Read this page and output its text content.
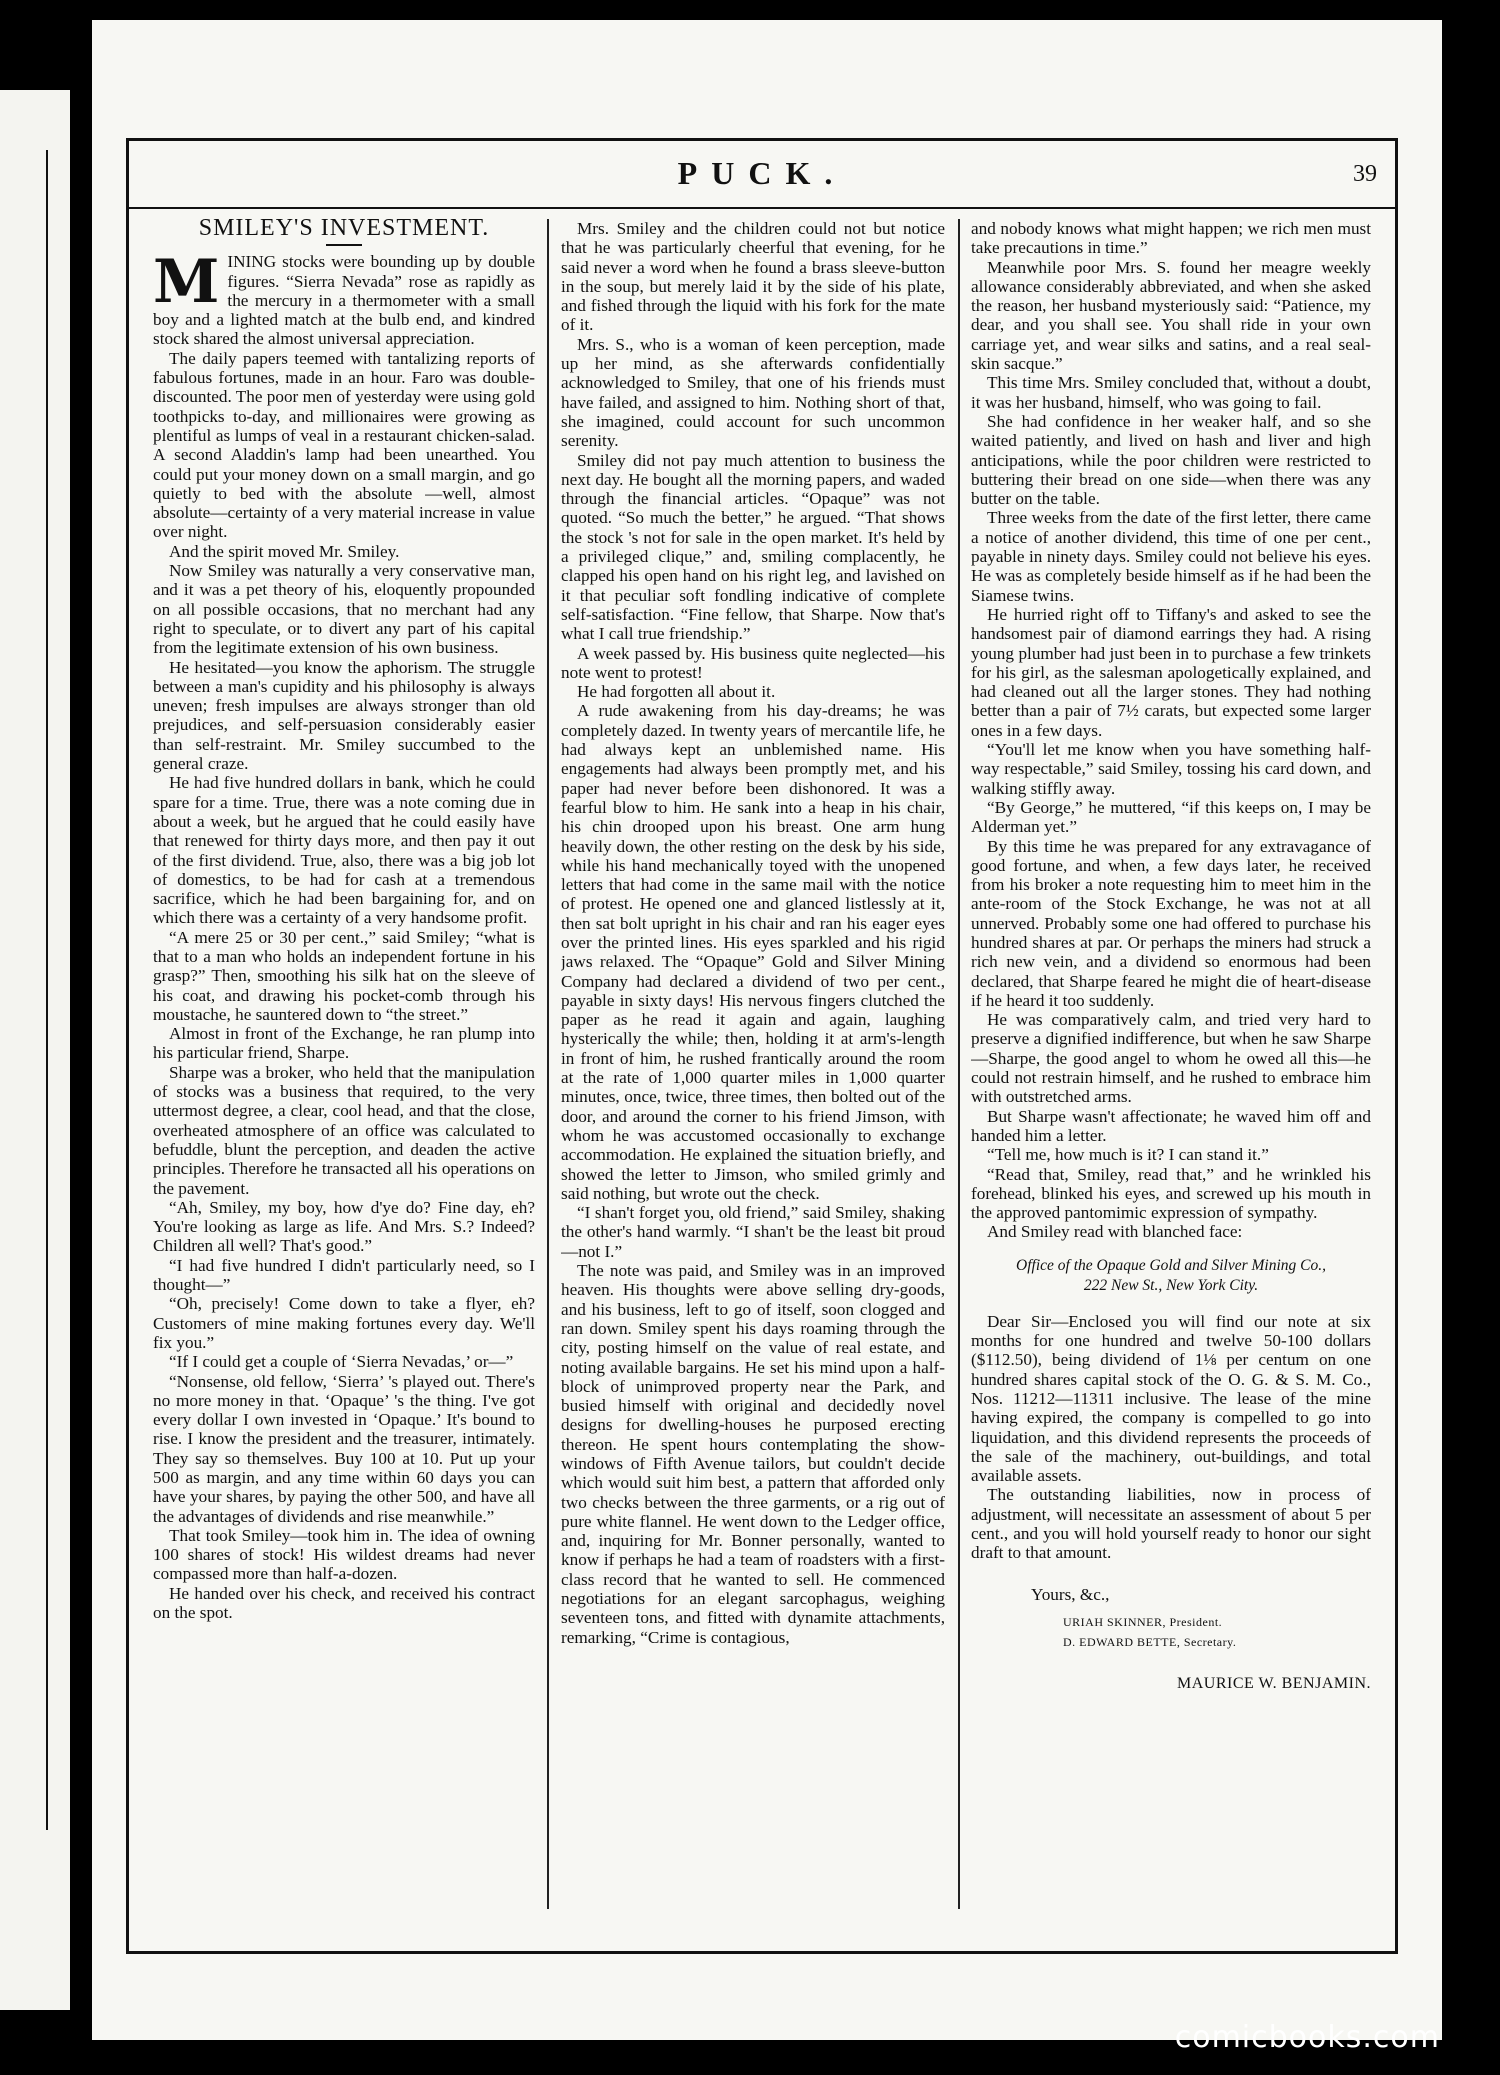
PUCK.	39
SMILEY'S INVESTMENT.

MINING stocks were bounding up by double figures. “Sierra Nevada” rose as rapidly as the mercury in a thermometer with a small boy and a lighted match at the bulb end, and kindred stock shared the almost universal appreciation.

The daily papers teemed with tantalizing reports of fabulous fortunes, made in an hour. Faro was double-discounted. The poor men of yesterday were using gold toothpicks to-day, and millionaires were growing as plentiful as lumps of veal in a restaurant chicken-salad. A second Aladdin's lamp had been unearthed. You could put your money down on a small margin, and go quietly to bed with the absolute —well, almost absolute—certainty of a very material increase in value over night.

And the spirit moved Mr. Smiley.

Now Smiley was naturally a very conservative man, and it was a pet theory of his, eloquently propounded on all possible occasions, that no merchant had any right to speculate, or to divert any part of his capital from the legitimate extension of his own business.

He hesitated—you know the aphorism. The struggle between a man's cupidity and his philosophy is always uneven; fresh impulses are always stronger than old prejudices, and self-persuasion considerably easier than self-restraint. Mr. Smiley succumbed to the general craze.

He had five hundred dollars in bank, which he could spare for a time. True, there was a note coming due in about a week, but he argued that he could easily have that renewed for thirty days more, and then pay it out of the first dividend. True, also, there was a big job lot of domestics, to be had for cash at a tremendous sacrifice, which he had been bargaining for, and on which there was a certainty of a very handsome profit.

“A mere 25 or 30 per cent.,” said Smiley; “what is that to a man who holds an independent fortune in his grasp?” Then, smoothing his silk hat on the sleeve of his coat, and drawing his pocket-comb through his moustache, he sauntered down to “the street.”

Almost in front of the Exchange, he ran plump into his particular friend, Sharpe.

Sharpe was a broker, who held that the manipulation of stocks was a business that required, to the very uttermost degree, a clear, cool head, and that the close, overheated atmosphere of an office was calculated to befuddle, blunt the perception, and deaden the active principles. Therefore he transacted all his operations on the pavement.

“Ah, Smiley, my boy, how d'ye do? Fine day, eh? You're looking as large as life. And Mrs. S.? Indeed? Children all well? That's good.”

“I had five hundred I didn't particularly need, so I thought—”

“Oh, precisely! Come down to take a flyer, eh? Customers of mine making fortunes every day. We'll fix you.”

“If I could get a couple of ‘Sierra Nevadas,’ or—”

“Nonsense, old fellow, ‘Sierra’ 's played out. There's no more money in that. ‘Opaque’ 's the thing. I've got every dollar I own invested in ‘Opaque.’ It's bound to rise. I know the president and the treasurer, intimately. They say so themselves. Buy 100 at 10. Put up your 500 as margin, and any time within 60 days you can have your shares, by paying the other 500, and have all the advantages of dividends and rise meanwhile.”

That took Smiley—took him in. The idea of owning 100 shares of stock! His wildest dreams had never compassed more than half-a-dozen.

He handed over his check, and received his contract on the spot.

Mrs. Smiley and the children could not but notice that he was particularly cheerful that evening, for he said never a word when he found a brass sleeve-button in the soup, but merely laid it by the side of his plate, and fished through the liquid with his fork for the mate of it.

Mrs. S., who is a woman of keen perception, made up her mind, as she afterwards confidentially acknowledged to Smiley, that one of his friends must have failed, and assigned to him. Nothing short of that, she imagined, could account for such uncommon serenity.

Smiley did not pay much attention to business the next day. He bought all the morning papers, and waded through the financial articles. “Opaque” was not quoted. “So much the better,” he argued. “That shows the stock 's not for sale in the open market. It's held by a privileged clique,” and, smiling complacently, he clapped his open hand on his right leg, and lavished on it that peculiar soft fondling indicative of complete self-satisfaction. “Fine fellow, that Sharpe. Now that's what I call true friendship.”

A week passed by. His business quite neglected—his note went to protest!

He had forgotten all about it.

A rude awakening from his day-dreams; he was completely dazed. In twenty years of mercantile life, he had always kept an unblemished name. His engagements had always been promptly met, and his paper had never before been dishonored. It was a fearful blow to him. He sank into a heap in his chair, his chin drooped upon his breast. One arm hung heavily down, the other resting on the desk by his side, while his hand mechanically toyed with the unopened letters that had come in the same mail with the notice of protest. He opened one and glanced listlessly at it, then sat bolt upright in his chair and ran his eager eyes over the printed lines. His eyes sparkled and his rigid jaws relaxed. The “Opaque” Gold and Silver Mining Company had declared a dividend of two per cent., payable in sixty days! His nervous fingers clutched the paper as he read it again and again, laughing hysterically the while; then, holding it at arm's-length in front of him, he rushed frantically around the room at the rate of 1,000 quarter miles in 1,000 quarter minutes, once, twice, three times, then bolted out of the door, and around the corner to his friend Jimson, with whom he was accustomed occasionally to exchange accommodation. He explained the situation briefly, and showed the letter to Jimson, who smiled grimly and said nothing, but wrote out the check.

“I shan't forget you, old friend,” said Smiley, shaking the other's hand warmly. “I shan't be the least bit proud—not I.”

The note was paid, and Smiley was in an improved heaven. His thoughts were above selling dry-goods, and his business, left to go of itself, soon clogged and ran down. Smiley spent his days roaming through the city, posting himself on the value of real estate, and noting available bargains. He set his mind upon a half-block of unimproved property near the Park, and busied himself with original and decidedly novel designs for dwelling-houses he purposed erecting thereon. He spent hours contemplating the show-windows of Fifth Avenue tailors, but couldn't decide which would suit him best, a pattern that afforded only two checks between the three garments, or a rig out of pure white flannel. He went down to the Ledger office, and, inquiring for Mr. Bonner personally, wanted to know if perhaps he had a team of roadsters with a first-class record that he wanted to sell. He commenced negotiations for an elegant sarcophagus, weighing seventeen tons, and fitted with dynamite attachments, remarking, “Crime is contagious,

and nobody knows what might happen; we rich men must take precautions in time.”

Meanwhile poor Mrs. S. found her meagre weekly allowance considerably abbreviated, and when she asked the reason, her husband mysteriously said: “Patience, my dear, and you shall see. You shall ride in your own carriage yet, and wear silks and satins, and a real seal-skin sacque.”

This time Mrs. Smiley concluded that, without a doubt, it was her husband, himself, who was going to fail.

She had confidence in her weaker half, and so she waited patiently, and lived on hash and liver and high anticipations, while the poor children were restricted to buttering their bread on one side—when there was any butter on the table.

Three weeks from the date of the first letter, there came a notice of another dividend, this time of one per cent., payable in ninety days. Smiley could not believe his eyes. He was as completely beside himself as if he had been the Siamese twins.

He hurried right off to Tiffany's and asked to see the handsomest pair of diamond earrings they had. A rising young plumber had just been in to purchase a few trinkets for his girl, as the salesman apologetically explained, and had cleaned out all the larger stones. They had nothing better than a pair of 7½ carats, but expected some larger ones in a few days.

“You'll let me know when you have something half-way respectable,” said Smiley, tossing his card down, and walking stiffly away.

“By George,” he muttered, “if this keeps on, I may be Alderman yet.”

By this time he was prepared for any extravagance of good fortune, and when, a few days later, he received from his broker a note requesting him to meet him in the ante-room of the Stock Exchange, he was not at all unnerved. Probably some one had offered to purchase his hundred shares at par. Or perhaps the miners had struck a rich new vein, and a dividend so enormous had been declared, that Sharpe feared he might die of heart-disease if he heard it too suddenly.

He was comparatively calm, and tried very hard to preserve a dignified indifference, but when he saw Sharpe—Sharpe, the good angel to whom he owed all this—he could not restrain himself, and he rushed to embrace him with outstretched arms.

But Sharpe wasn't affectionate; he waved him off and handed him a letter.

“Tell me, how much is it? I can stand it.”

“Read that, Smiley, read that,” and he wrinkled his forehead, blinked his eyes, and screwed up his mouth in the approved pantomimic expression of sympathy.

And Smiley read with blanched face:

Office of the Opaque Gold and Silver Mining Co.,
222 New St., New York City.

Dear Sir—Enclosed you will find our note at six months for one hundred and twelve 50-100 dollars ($112.50), being dividend of 1⅛ per centum on one hundred shares capital stock of the O. G. & S. M. Co., Nos. 11212—11311 inclusive. The lease of the mine having expired, the company is compelled to go into liquidation, and this dividend represents the proceeds of the sale of the machinery, out-buildings, and total available assets.

The outstanding liabilities, now in process of adjustment, will necessitate an assessment of about 5 per cent., and you will hold yourself ready to honor our sight draft to that amount.

Yours, &c.,
URIAH SKINNER, President.
D. EDWARD BETTE, Secretary.
MAURICE W. BENJAMIN.
comicbooks.com
